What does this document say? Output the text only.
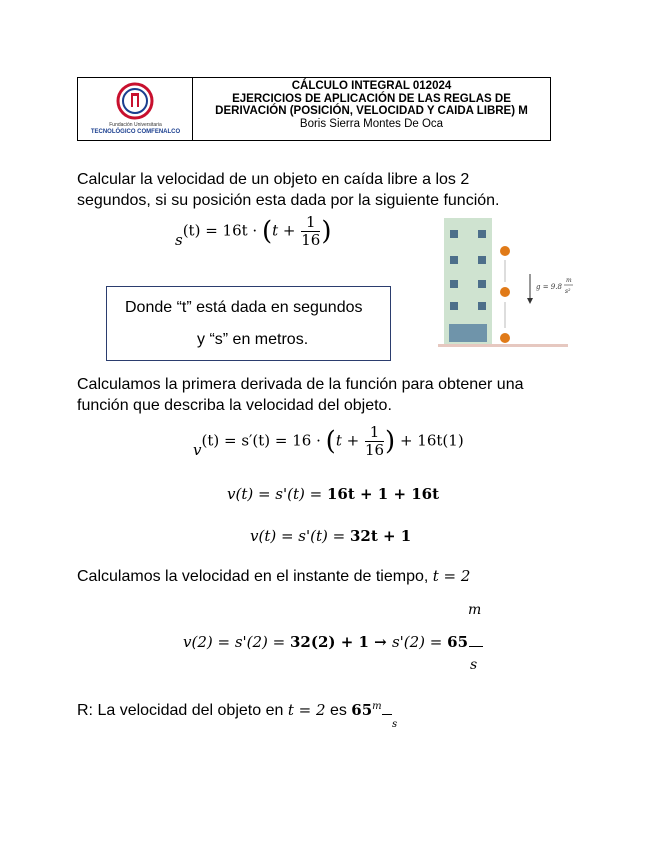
Fundación Universitaria
TECNOLÓGICO COMFENALCO
CÁLCULO INTEGRAL 012024
EJERCICIOS DE APLICACIÓN DE LAS REGLAS DE
DERIVACIÓN (POSICIÓN, VELOCIDAD Y CAIDA LIBRE) M
Boris Sierra Montes De Oca
Calcular la velocidad de un objeto en caída libre a los 2
segundos, si su posición esta dada por la siguiente función.
$s(t) = 16t \cdot (t + \frac{1}{16}$ )
g = 9.8
m
s²
Donde “t” está dada en segundos
y “s” en metros.
Calculamos la primera derivada de la función para obtener una
función que describa la velocidad del objeto.
$v(t) = s'(t) = 16 \cdot (t + \frac{1}{16}$ ) + 16t(1)
v(t) = s'(t) = 16t + 1 + 16t
v(t) = s'(t) = 32t + 1
Calculamos la velocidad en el instante de tiempo, t = 2
m
v(2) = s'(2) = 32(2) + 1 → s'(2) = 65
s
R: La velocidad del objeto en t = 2 es 65$^m$
s
